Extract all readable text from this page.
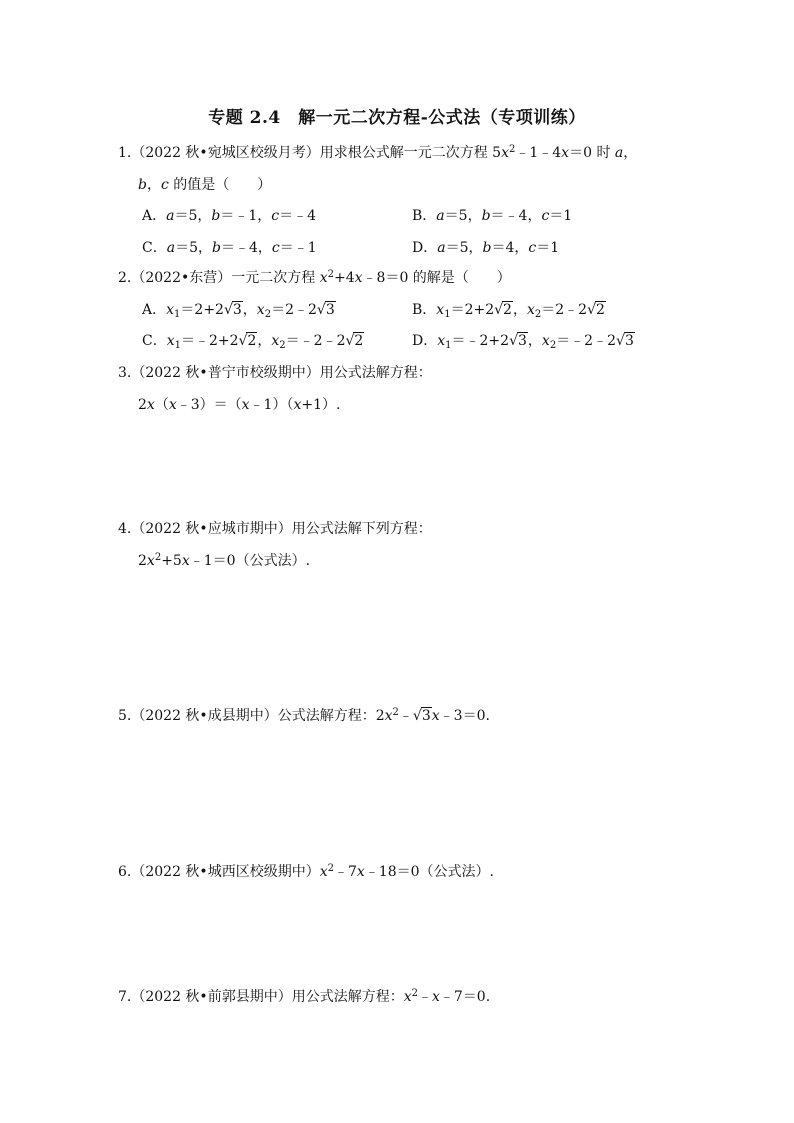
专题 2.4　解一元二次方程-公式法（专项训练）
1.（2022 秋•宛城区校级月考）用求根公式解一元二次方程 $5x^2﹣1﹣4x=0$ 时 a，
b，c 的值是（　　）
A．a＝5，b＝﹣1，c＝﹣4	B．a＝5，b＝﹣4，c＝1
C．a＝5，b＝﹣4，c＝﹣1	D．a＝5，b＝4，c＝1
2.（2022•东营）一元二次方程 $x^2+4x﹣8=0$ 的解是（　　）
A．$x_1=2+2√3$，$x_2=2﹣2√3$	B．$x_1=2+2√2$，$x_2=2﹣2√2$
C．$x_1=﹣2+2√2$，$x_2=﹣2﹣2√2$	D．$x_1=﹣2+2√3$，$x_2=﹣2﹣2√3$
3.（2022 秋•普宁市校级期中）用公式法解方程：
2x（x﹣3）＝（x﹣1）（x+1）.
4.（2022 秋•应城市期中）用公式法解下列方程：
$2x^2+5x﹣1=0$（公式法）.
5.（2022 秋•成县期中）公式法解方程：$2x^2﹣√3x﹣3=0$.
6.（2022 秋•城西区校级期中）$x^2﹣7x﹣18=0$（公式法）.
7.（2022 秋•前郭县期中）用公式法解方程：$x^2﹣x﹣7=0$.
